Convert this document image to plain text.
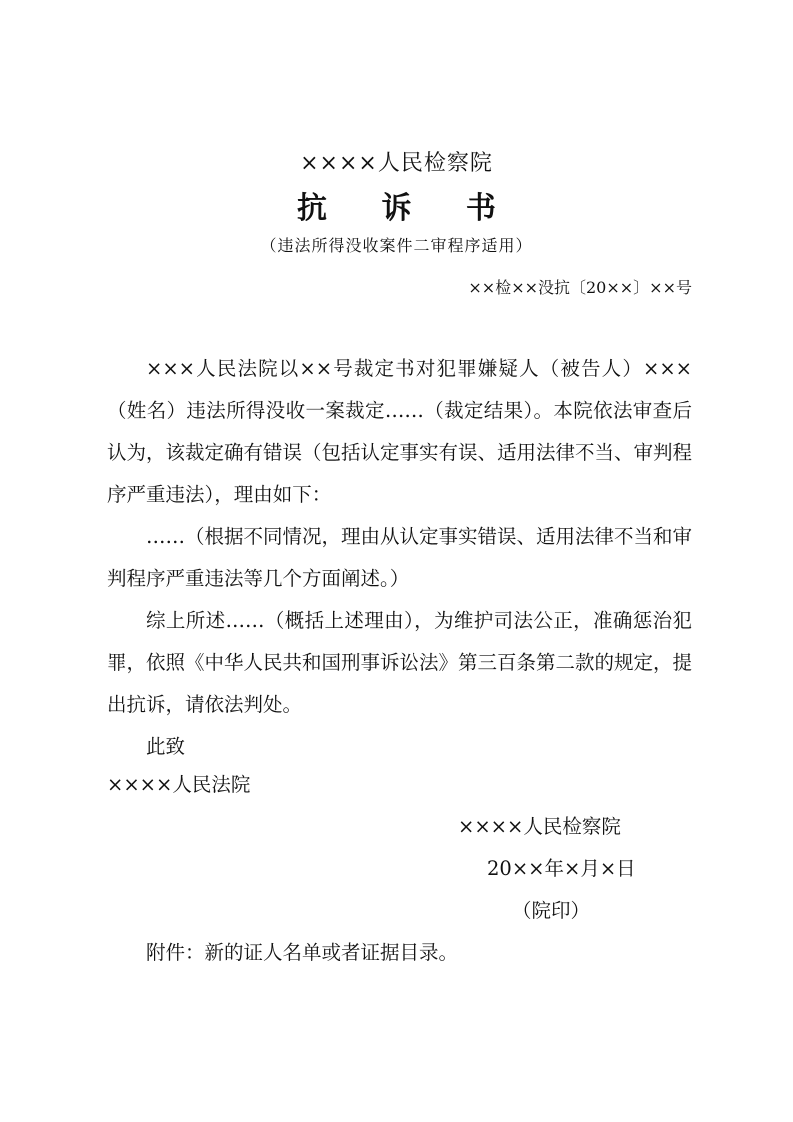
××××人民检察院
抗 诉 书
（违法所得没收案件二审程序适用）
××检××没抗〔20××〕××号

×××人民法院以××号裁定书对犯罪嫌疑人（被告人）×××（姓名）违法所得没收一案裁定……（裁定结果）。本院依法审查后认为，该裁定确有错误（包括认定事实有误、适用法律不当、审判程序严重违法），理由如下：

……（根据不同情况，理由从认定事实错误、适用法律不当和审判程序严重违法等几个方面阐述。）

综上所述……（概括上述理由），为维护司法公正，准确惩治犯罪，依照《中华人民共和国刑事诉讼法》第三百条第二款的规定，提出抗诉，请依法判处。

此致

××××人民法院
××××人民检察院
20××年×月×日
（院印）
附件：新的证人名单或者证据目录。
